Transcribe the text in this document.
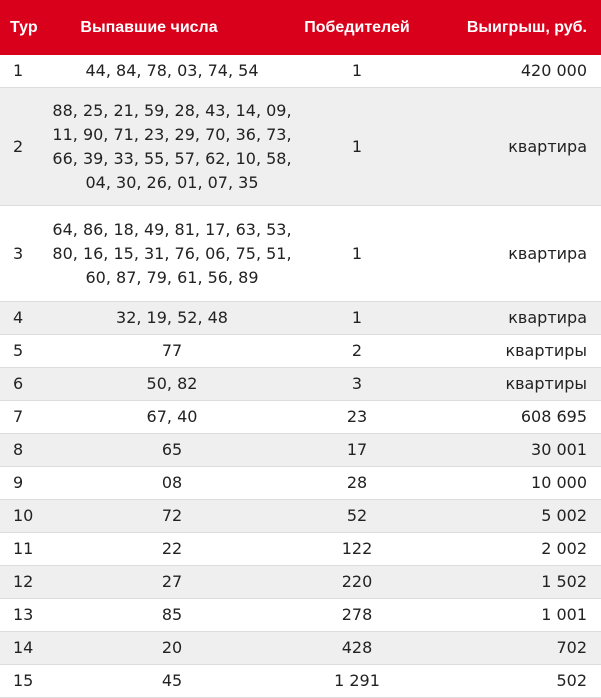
Тур	Выпавшие числа	Победителей	Выигрыш, руб.
1	44, 84, 78, 03, 74, 54	1	420 000
2	88, 25, 21, 59, 28, 43, 14, 09, 11, 90, 71, 23, 29, 70, 36, 73, 66, 39, 33, 55, 57, 62, 10, 58, 04, 30, 26, 01, 07, 35	1	квартира
3	64, 86, 18, 49, 81, 17, 63, 53, 80, 16, 15, 31, 76, 06, 75, 51, 60, 87, 79, 61, 56, 89	1	квартира
4	32, 19, 52, 48	1	квартира
5	77	2	квартиры
6	50, 82	3	квартиры
7	67, 40	23	608 695
8	65	17	30 001
9	08	28	10 000
10	72	52	5 002
11	22	122	2 002
12	27	220	1 502
13	85	278	1 001
14	20	428	702
15	45	1 291	502
